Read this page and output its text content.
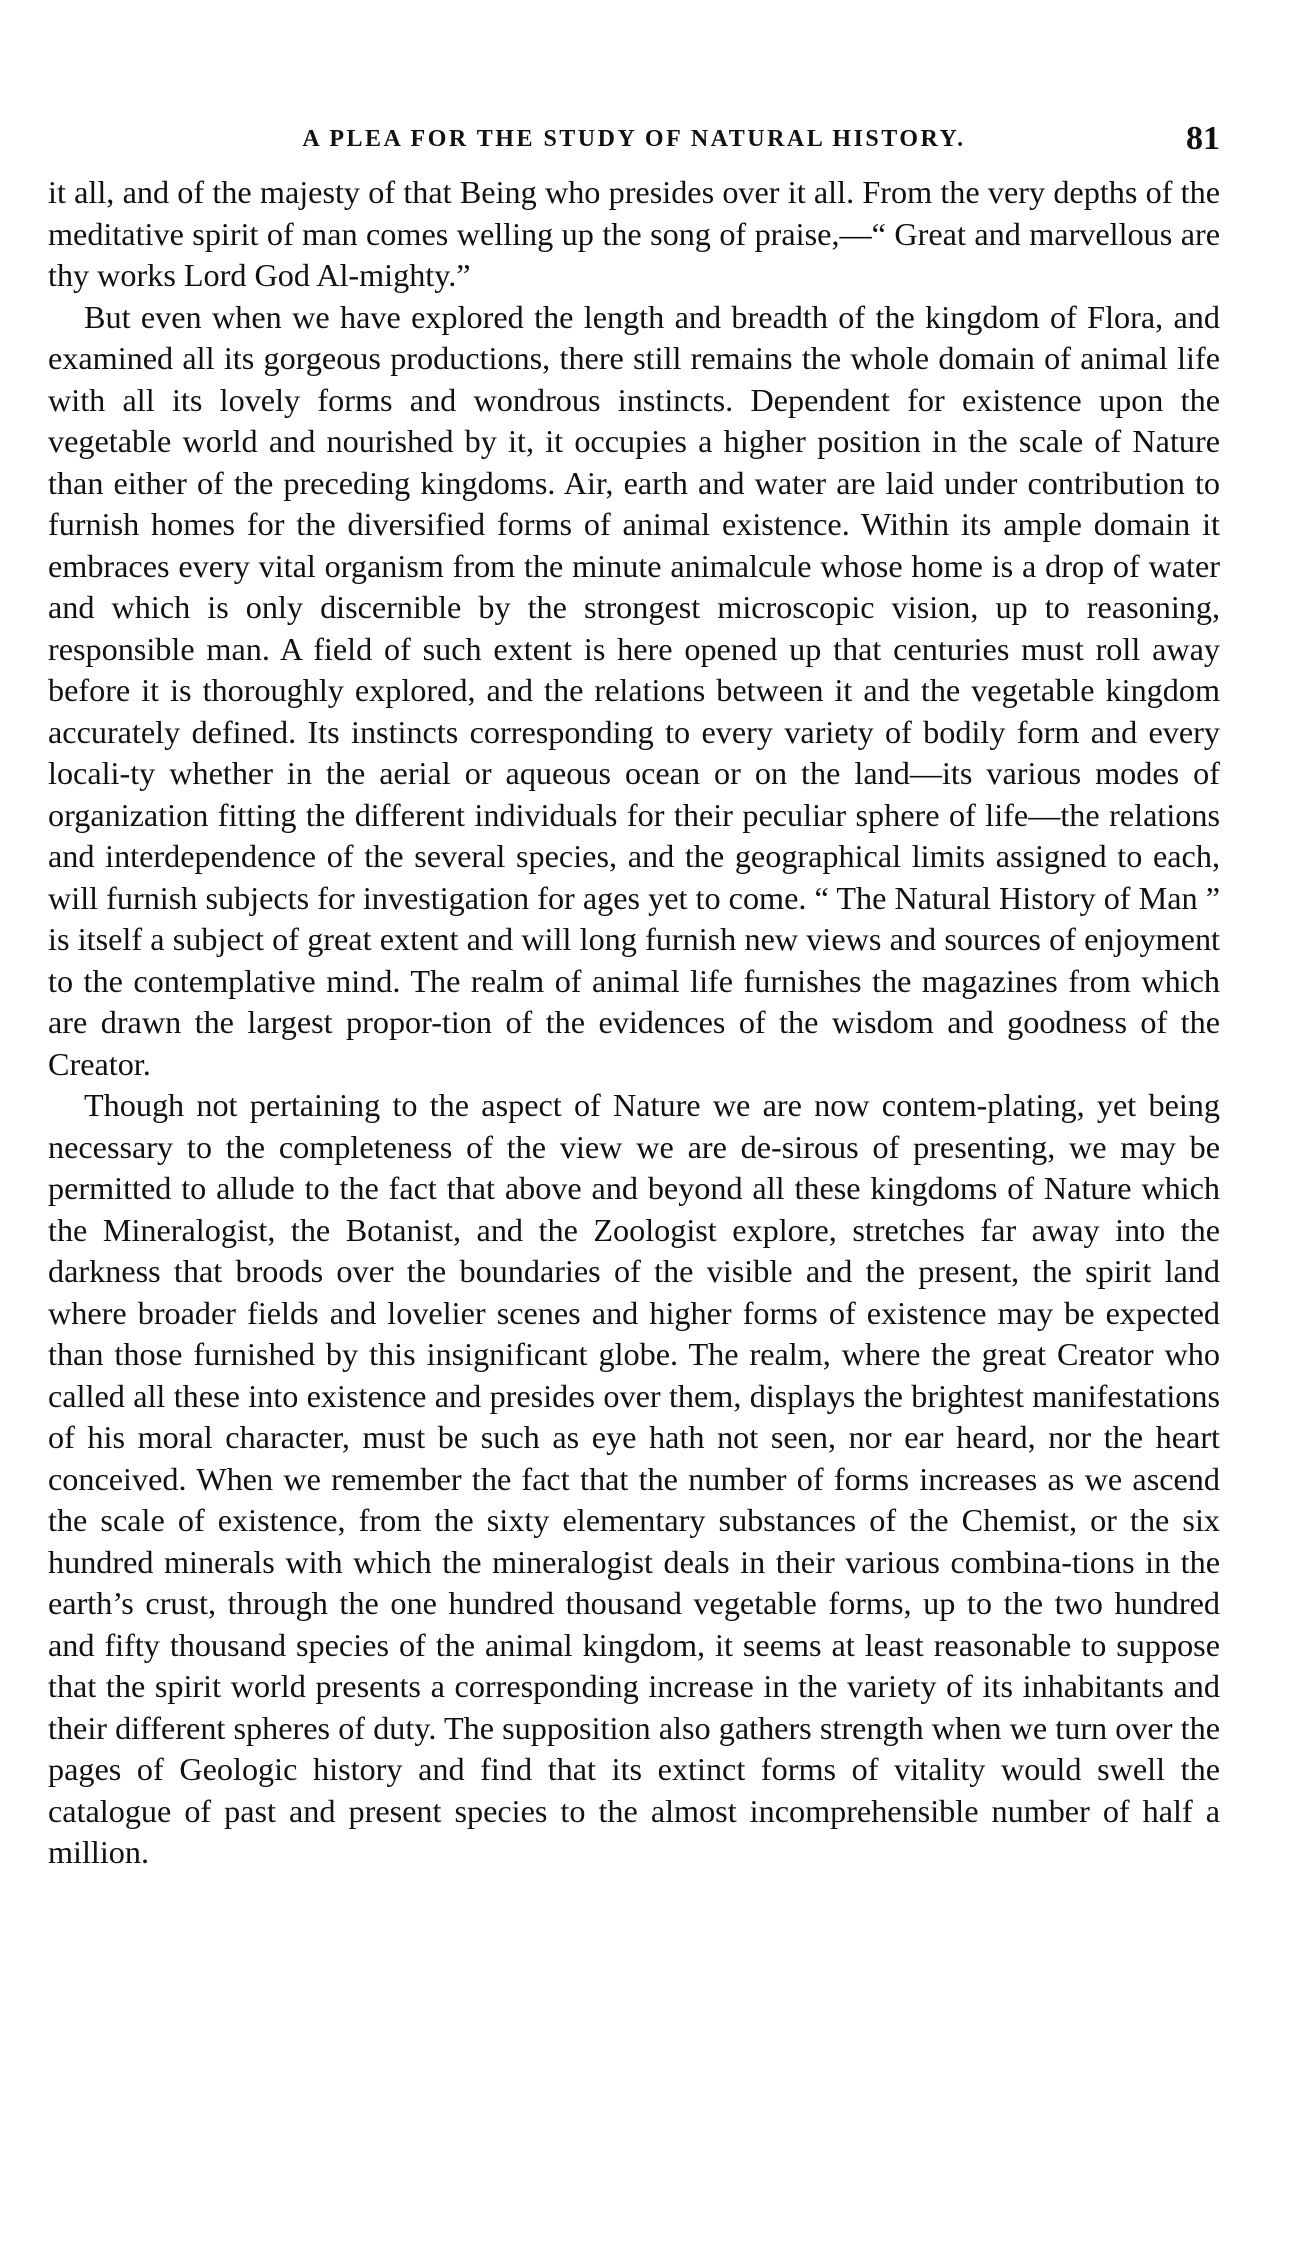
A PLEA FOR THE STUDY OF NATURAL HISTORY.	81

it all, and of the majesty of that Being who presides over it all. From the very depths of the meditative spirit of man comes welling up the song of praise,—“ Great and marvellous are thy works Lord God Al-mighty.”

But even when we have explored the length and breadth of the kingdom of Flora, and examined all its gorgeous productions, there still remains the whole domain of animal life with all its lovely forms and wondrous instincts. Dependent for existence upon the vegetable world and nourished by it, it occupies a higher position in the scale of Nature than either of the preceding kingdoms. Air, earth and water are laid under contribution to furnish homes for the diversified forms of animal existence. Within its ample domain it embraces every vital organism from the minute animalcule whose home is a drop of water and which is only discernible by the strongest microscopic vision, up to reasoning, responsible man. A field of such extent is here opened up that centuries must roll away before it is thoroughly explored, and the relations between it and the vegetable kingdom accurately defined. Its instincts corresponding to every variety of bodily form and every locali-ty whether in the aerial or aqueous ocean or on the land—its various modes of organization fitting the different individuals for their peculiar sphere of life—the relations and interdependence of the several species, and the geographical limits assigned to each, will furnish subjects for investigation for ages yet to come. “ The Natural History of Man ” is itself a subject of great extent and will long furnish new views and sources of enjoyment to the contemplative mind. The realm of animal life furnishes the magazines from which are drawn the largest propor-tion of the evidences of the wisdom and goodness of the Creator.

Though not pertaining to the aspect of Nature we are now contem-plating, yet being necessary to the completeness of the view we are de-sirous of presenting, we may be permitted to allude to the fact that above and beyond all these kingdoms of Nature which the Mineralogist, the Botanist, and the Zoologist explore, stretches far away into the darkness that broods over the boundaries of the visible and the present, the spirit land where broader fields and lovelier scenes and higher forms of existence may be expected than those furnished by this insignificant globe. The realm, where the great Creator who called all these into existence and presides over them, displays the brightest manifestations of his moral character, must be such as eye hath not seen, nor ear heard, nor the heart conceived. When we remember the fact that the number of forms increases as we ascend the scale of existence, from the sixty elementary substances of the Chemist, or the six hundred minerals with which the mineralogist deals in their various combina-tions in the earth’s crust, through the one hundred thousand vegetable forms, up to the two hundred and fifty thousand species of the animal kingdom, it seems at least reasonable to suppose that the spirit world presents a corresponding increase in the variety of its inhabitants and their different spheres of duty. The supposition also gathers strength when we turn over the pages of Geologic history and find that its extinct forms of vitality would swell the catalogue of past and present species to the almost incomprehensible number of half a million.
